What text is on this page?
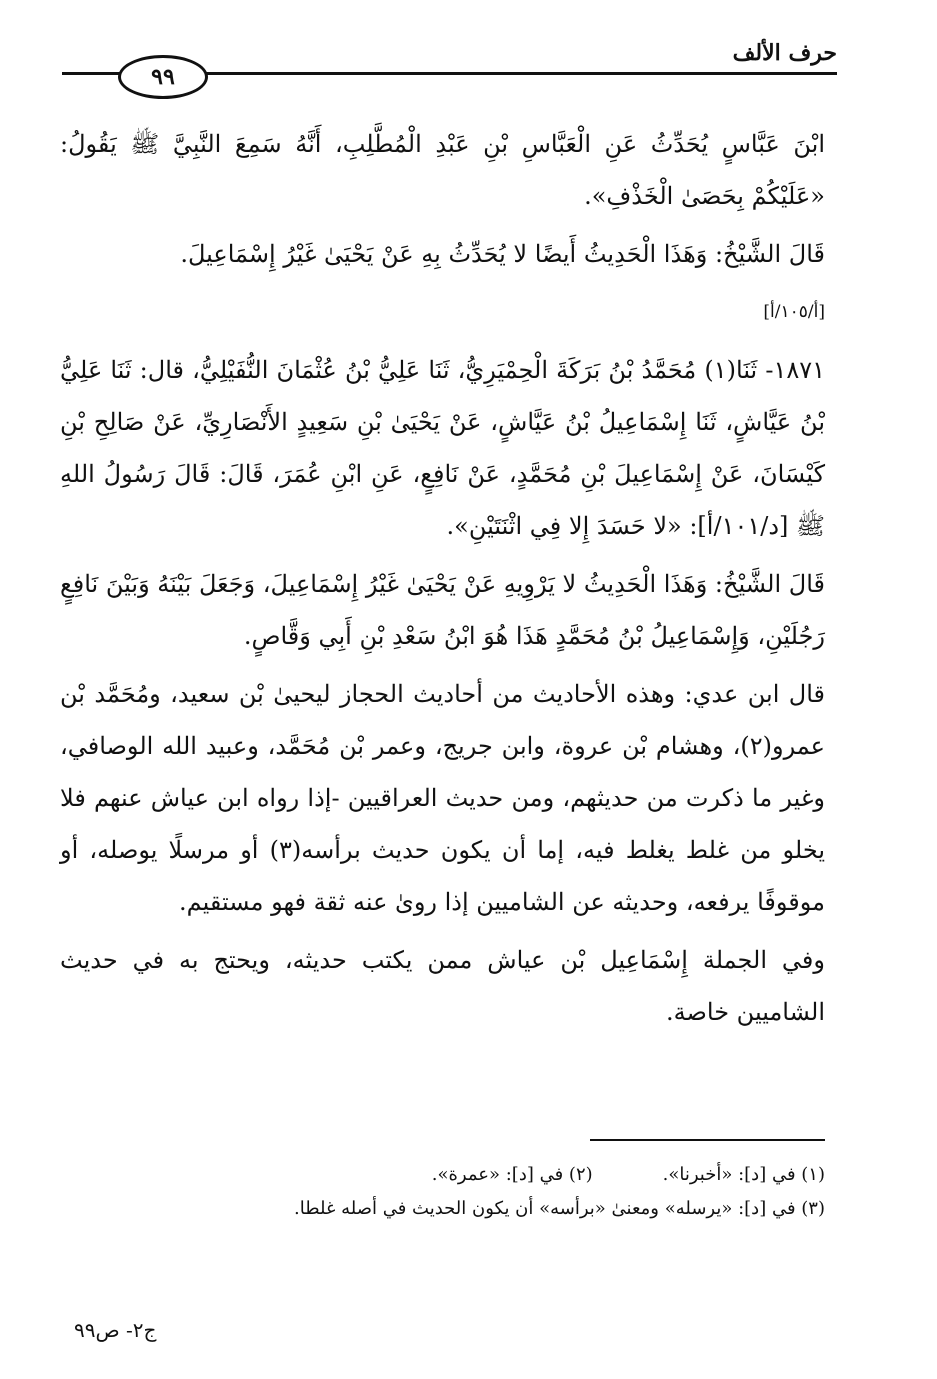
حرف الألف
٩٩

ابْنَ عَبَّاسٍ يُحَدِّثُ عَنِ الْعَبَّاسِ بْنِ عَبْدِ الْمُطَّلِبِ، أَنَّهُ سَمِعَ النَّبِيَّ ﷺ يَقُولُ: «عَلَيْكُمْ بِحَصَىٰ الْخَذْفِ».

قَالَ الشَّيْخُ: وَهَذَا الْحَدِيثُ أَيضًا لا يُحَدِّثُ بِهِ عَنْ يَحْيَىٰ غَيْرُ إِسْمَاعِيلَ.

[أ/١٠٥/أ]

١٨٧١- ثَنَا(١) مُحَمَّدُ بْنُ بَرَكَةَ الْحِمْيَرِيُّ، ثَنَا عَلِيُّ بْنُ عُثْمَانَ النُّفَيْلِيُّ، قال: ثَنَا عَلِيُّ بْنُ عَيَّاشٍ، ثَنَا إِسْمَاعِيلُ بْنُ عَيَّاشٍ، عَنْ يَحْيَىٰ بْنِ سَعِيدٍ الأَنْصَارِيِّ، عَنْ صَالِحِ بْنِ كَيْسَانَ، عَنْ إِسْمَاعِيلَ بْنِ مُحَمَّدٍ، عَنْ نَافِعٍ، عَنِ ابْنِ عُمَرَ، قَالَ: قَالَ رَسُولُ اللهِ ﷺ [د/١٠١/أ]: «لا حَسَدَ إِلا فِي اثْنَتَيْنِ».

قَالَ الشَّيْخُ: وَهَذَا الْحَدِيثُ لا يَرْوِيهِ عَنْ يَحْيَىٰ غَيْرُ إِسْمَاعِيلَ، وَجَعَلَ بَيْنَهُ وَبَيْنَ نَافِعٍ رَجُلَيْنِ، وَإِسْمَاعِيلُ بْنُ مُحَمَّدٍ هَذَا هُوَ ابْنُ سَعْدِ بْنِ أَبِي وَقَّاصٍ.

قال ابن عدي: وهذه الأحاديث من أحاديث الحجاز ليحيىٰ بْن سعيد، ومُحَمَّد بْن عمرو(٢)، وهشام بْن عروة، وابن جريج، وعمر بْن مُحَمَّد، وعبيد الله الوصافي، وغير ما ذكرت من حديثهم، ومن حديث العراقيين -إذا رواه ابن عياش عنهم فلا يخلو من غلط يغلط فيه، إما أن يكون حديث برأسه(٣) أو مرسلًا يوصله، أو موقوفًا يرفعه، وحديثه عن الشاميين إذا روىٰ عنه ثقة فهو مستقيم.

وفي الجملة إِسْمَاعِيل بْن عياش ممن يكتب حديثه، ويحتج به في حديث الشاميين خاصة.

(١) في [د]: «أخبرنا».
(٢) في [د]: «عمرة».
(٣) في [د]: «يرسله» ومعنىٰ «برأسه» أن يكون الحديث في أصله غلطا.
ج٢- ص٩٩
